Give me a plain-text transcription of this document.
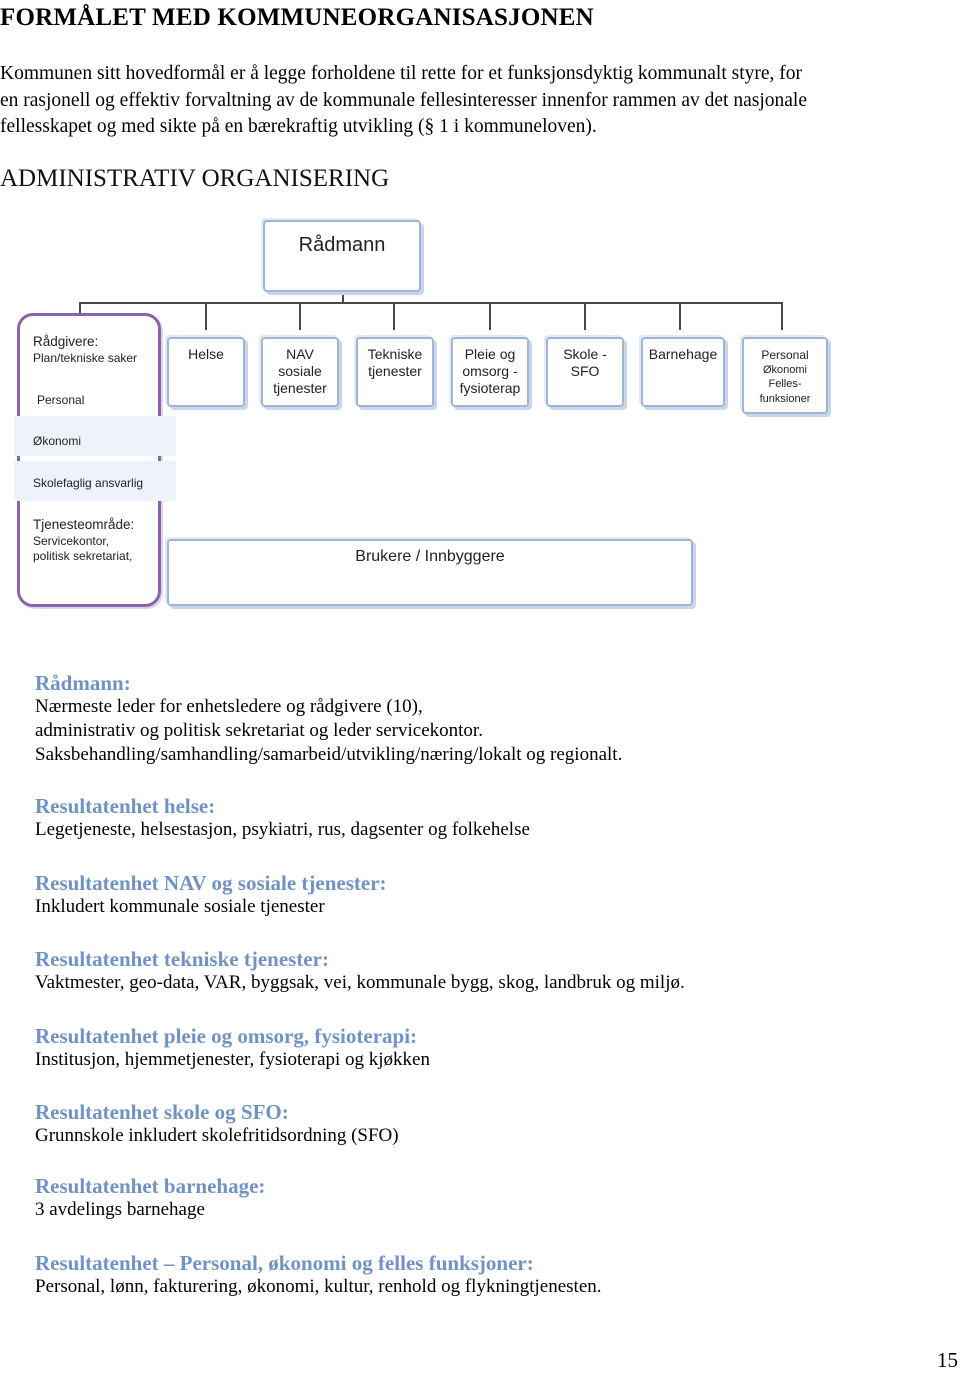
FORMÅLET MED KOMMUNEORGANISASJONEN
Kommunen sitt hovedformål er å legge forholdene til rette for et funksjonsdyktig kommunalt styre, for
en rasjonell og effektiv forvaltning av de kommunale fellesinteresser innenfor rammen av det nasjonale
fellesskapet og med sikte på en bærekraftig utvikling (§ 1 i kommuneloven).
ADMINISTRATIV ORGANISERING
Rådmann
Helse	NAV
sosiale
tjenester
Tekniske
tjenester
Pleie og
omsorg -
fysioterap
Skole -
SFO
Barnehage	Personal
Økonomi
Felles-
funksioner
Rådgivere:
Plan/tekniske saker
Personal
Økonomi
Skolefaglig ansvarlig
Tjenesteområde:
Servicekontor,
politisk sekretariat,	Brukere / Innbyggere
Rådmann:
Nærmeste leder for enhetsledere og rådgivere (10),
administrativ og politisk sekretariat og leder servicekontor.
Saksbehandling/samhandling/samarbeid/utvikling/næring/lokalt og regionalt.
Resultatenhet helse:
Legetjeneste, helsestasjon, psykiatri, rus, dagsenter og folkehelse
Resultatenhet NAV og sosiale tjenester:
Inkludert kommunale sosiale tjenester
Resultatenhet tekniske tjenester:
Vaktmester, geo-data, VAR, byggsak, vei, kommunale bygg, skog, landbruk og miljø.
Resultatenhet pleie og omsorg, fysioterapi:
Institusjon, hjemmetjenester, fysioterapi og kjøkken
Resultatenhet skole og SFO:
Grunnskole inkludert skolefritidsordning (SFO)
Resultatenhet barnehage:
3 avdelings barnehage
Resultatenhet – Personal, økonomi og felles funksjoner:
Personal, lønn, fakturering, økonomi, kultur, renhold og flykningtjenesten.
15
